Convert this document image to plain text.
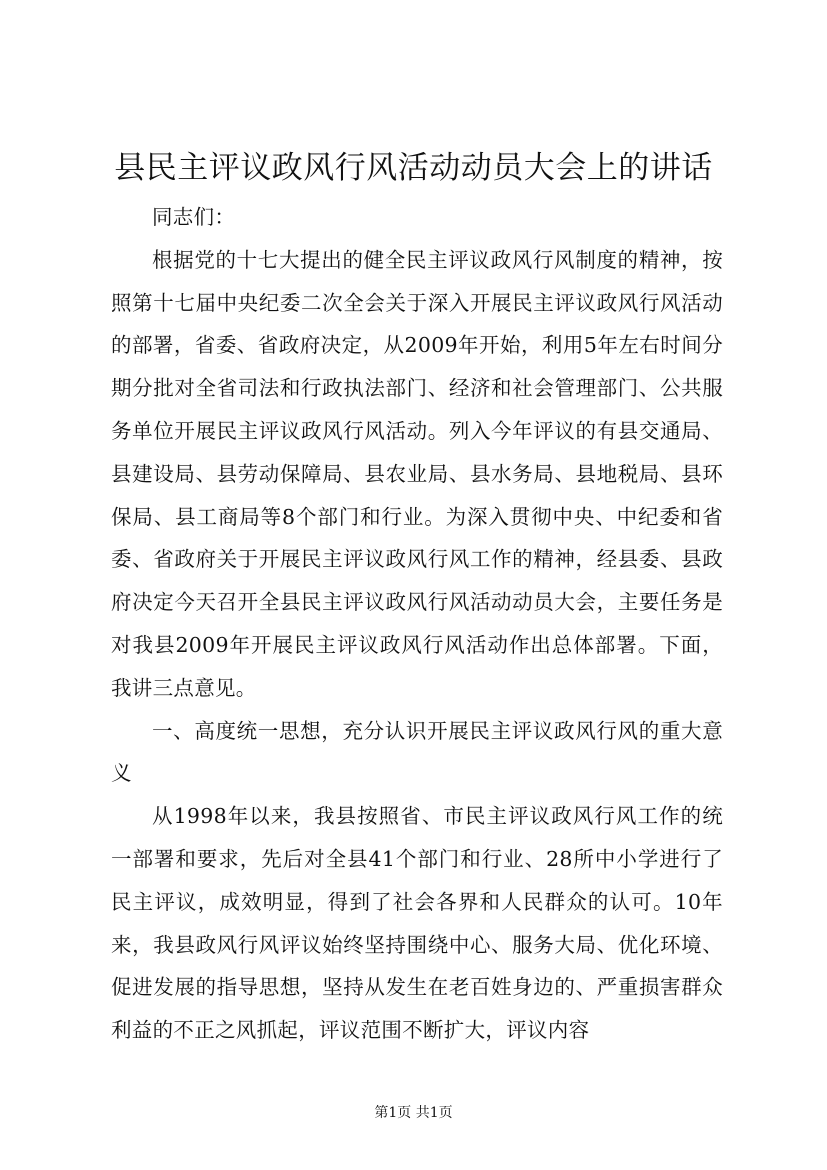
县民主评议政风行风活动动员大会上的讲话

同志们：

根据党的十七大提出的健全民主评议政风行风制度的精神，按照第十七届中央纪委二次全会关于深入开展民主评议政风行风活动的部署，省委、省政府决定，从2009年开始，利用5年左右时间分期分批对全省司法和行政执法部门、经济和社会管理部门、公共服务单位开展民主评议政风行风活动。列入今年评议的有县交通局、县建设局、县劳动保障局、县农业局、县水务局、县地税局、县环保局、县工商局等8个部门和行业。为深入贯彻中央、中纪委和省委、省政府关于开展民主评议政风行风工作的精神，经县委、县政府决定今天召开全县民主评议政风行风活动动员大会，主要任务是对我县2009年开展民主评议政风行风活动作出总体部署。下面，我讲三点意见。

一、高度统一思想，充分认识开展民主评议政风行风的重大意义

从1998年以来，我县按照省、市民主评议政风行风工作的统一部署和要求，先后对全县41个部门和行业、28所中小学进行了民主评议，成效明显，得到了社会各界和人民群众的认可。10年来，我县政风行风评议始终坚持围绕中心、服务大局、优化环境、促进发展的指导思想，坚持从发生在老百姓身边的、严重损害群众利益的不正之风抓起，评议范围不断扩大，评议内容

第1页 共1页
